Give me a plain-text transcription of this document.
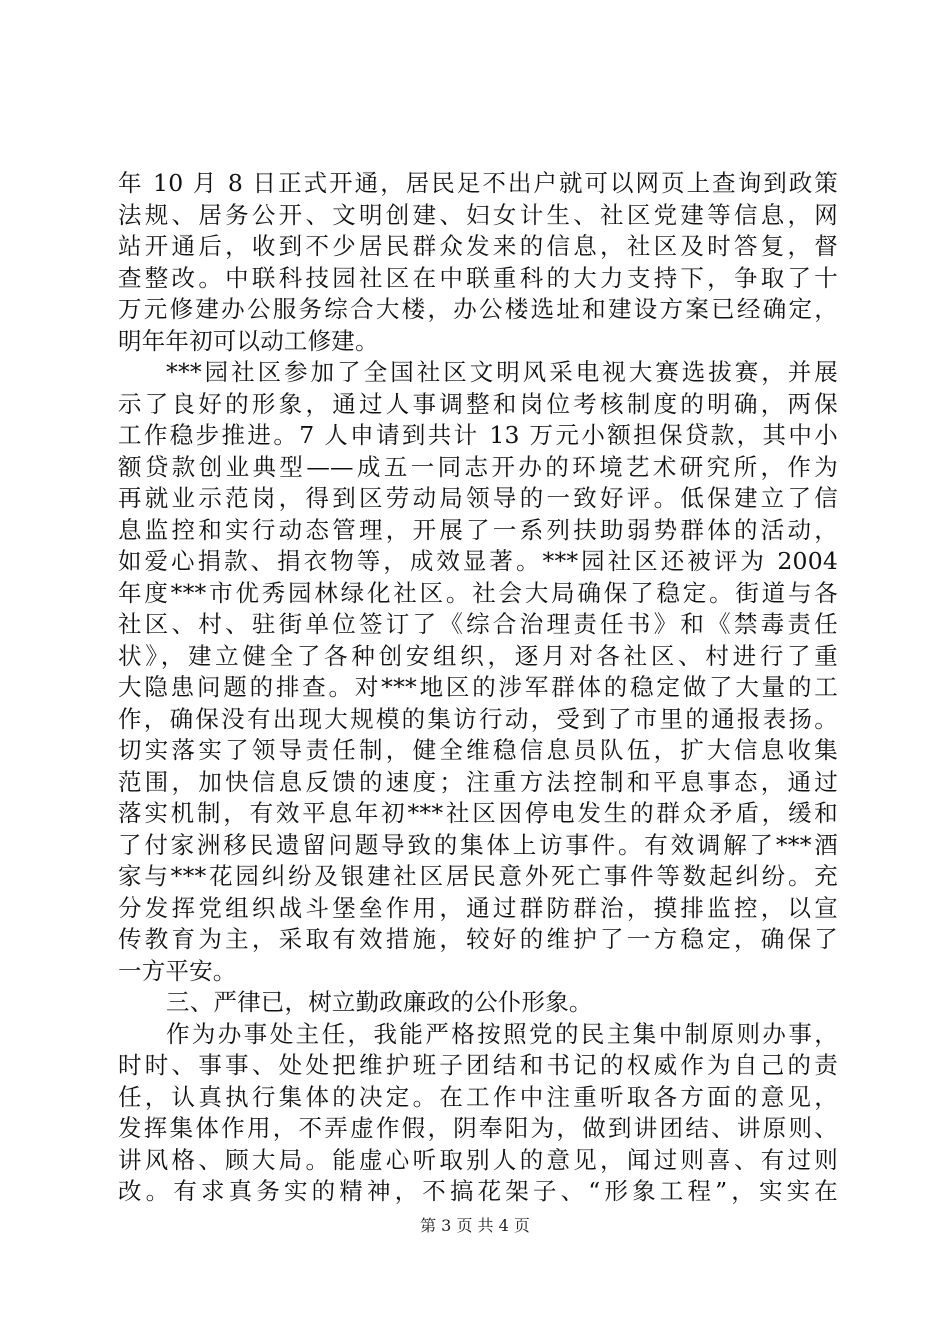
年 10 月 8 日正式开通，居民足不出户就可以网页上查询到政策
法规、居务公开、文明创建、妇女计生、社区党建等信息，网
站开通后，收到不少居民群众发来的信息，社区及时答复，督
查整改。中联科技园社区在中联重科的大力支持下，争取了十
万元修建办公服务综合大楼，办公楼选址和建设方案已经确定，
明年年初可以动工修建。
***园社区参加了全国社区文明风采电视大赛选拔赛，并展
示了良好的形象，通过人事调整和岗位考核制度的明确，两保
工作稳步推进。7 人申请到共计 13 万元小额担保贷款，其中小
额贷款创业典型——成五一同志开办的环境艺术研究所，作为
再就业示范岗，得到区劳动局领导的一致好评。低保建立了信
息监控和实行动态管理，开展了一系列扶助弱势群体的活动，
如爱心捐款、捐衣物等，成效显著。***园社区还被评为 2004
年度***市优秀园林绿化社区。社会大局确保了稳定。街道与各
社区、村、驻街单位签订了《综合治理责任书》和《禁毒责任
状》，建立健全了各种创安组织，逐月对各社区、村进行了重
大隐患问题的排查。对***地区的涉军群体的稳定做了大量的工
作，确保没有出现大规模的集访行动，受到了市里的通报表扬。
切实落实了领导责任制，健全维稳信息员队伍，扩大信息收集
范围，加快信息反馈的速度；注重方法控制和平息事态，通过
落实机制，有效平息年初***社区因停电发生的群众矛盾，缓和
了付家洲移民遗留问题导致的集体上访事件。有效调解了***酒
家与***花园纠纷及银建社区居民意外死亡事件等数起纠纷。充
分发挥党组织战斗堡垒作用，通过群防群治，摸排监控，以宣
传教育为主，采取有效措施，较好的维护了一方稳定，确保了
一方平安。
三、严律已，树立勤政廉政的公仆形象。
作为办事处主任，我能严格按照党的民主集中制原则办事，
时时、事事、处处把维护班子团结和书记的权威作为自己的责
任，认真执行集体的决定。在工作中注重听取各方面的意见，
发挥集体作用，不弄虚作假，阴奉阳为，做到讲团结、讲原则、
讲风格、顾大局。能虚心听取别人的意见，闻过则喜、有过则
改。有求真务实的精神，不搞花架子、“形象工程”，实实在
第 3 页 共 4 页
